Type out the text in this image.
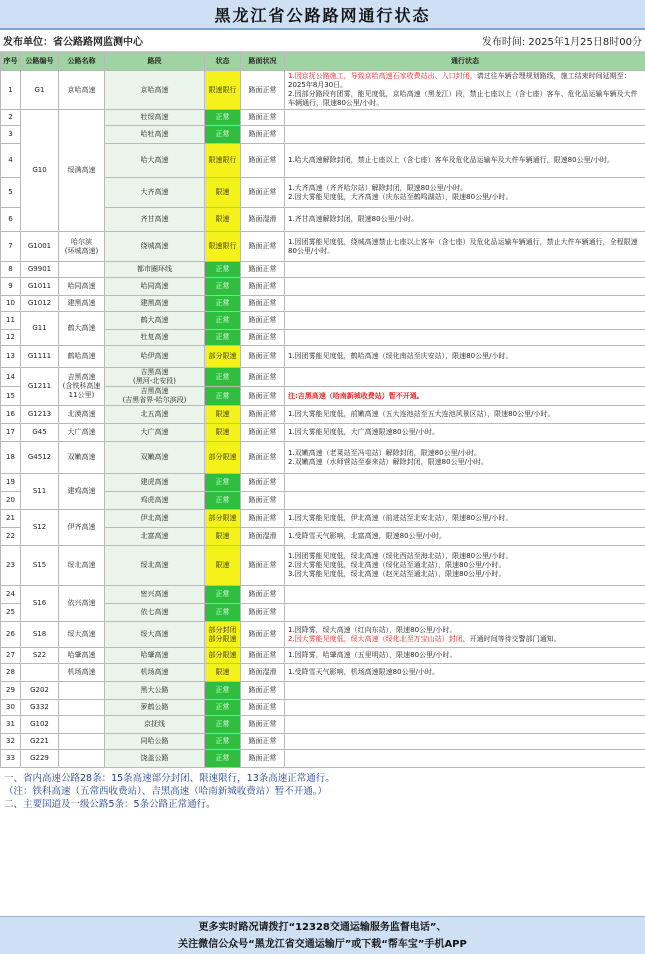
黑龙江省公路路网通行状态
发布单位：省公路路网监测中心	发布时间: 2025年1月25日8时00分
序号	公路编号	公路名称	路段	状态	路面状况	通行状态
1	G1	京哈高速	京哈高速	限速限行	路面正常	1.因京抚公路施工，导致京哈高速石家收费站出、入口封闭，请过往车辆合理规划路线，施工结束时间延期至：2025年8月30日。
2.因部分路段有团雾，能见度低，京哈高速（黑龙江）段，禁止七座以上（含七座）客车、危化品运输车辆及大件车辆通行，限速80公里/小时。
2	G10	绥满高速	牡绥高速	正常	路面正常	
3			哈牡高速	正常	路面正常	
4			哈大高速	限速限行	路面正常	1.哈大高速解除封闭，禁止七座以上（含七座）客车及危化品运输车及大件车辆通行，限速80公里/小时。
5			大齐高速	限速	路面正常	1.大齐高速（齐齐哈尔站）解除封闭，限速80公里/小时。
2.因大雾能见度低，大齐高速（庆东站至鹤鸣湖站），限速80公里/小时。
6			齐甘高速	限速	路面湿滑	1.齐甘高速解除封闭，限速80公里/小时。
7	G1001	哈尔滨
(环城高速)	绕城高速	限速限行	路面正常	1.因团雾能见度低，绕城高速禁止七座以上客车（含七座）及危化品运输车辆通行，禁止大件车辆通行，全程限速80公里/小时。
8	G9901		都市圈环线	正常	路面正常	
9	G1011	哈同高速	哈同高速	正常	路面正常	
10	G1012	建黑高速	建黑高速	正常	路面正常	
11	G11	鹤大高速	鹤大高速	正常	路面正常	
12			牡复高速	正常	路面正常	
13	G1111	鹤哈高速	哈伊高速	部分限速	路面正常	1.因团雾能见度低，鹤哈高速（绥化南站至庆安站），限速80公里/小时。
14	G1211	吉黑高速
(含铁科高速
11公里)	吉黑高速
(黑河-北安段)	正常	路面正常	
15			吉黑高速
(吉黑省界-哈尔滨段)	正常	路面正常	注:吉黑高速（哈南新城收费站）暂不开通。
16	G1213	北漠高速	北五高速	限速	路面正常	1.因大雾能见度低，前嫩高速（五大连池站至五大连池风景区站），限速80公里/小时。
17	G45	大广高速	大广高速	限速	路面正常	1.因大雾能见度低，大广高速限速80公里/小时。
18	G4512	双嫩高速	双嫩高速	部分限速	路面正常	1.双嫩高速（老莱站至冯屯站）解除封闭，限速80公里/小时。
2.双嫩高速（水师营站至泰来站）解除封闭，限速80公里/小时。
19	S11	建鸡高速	建虎高速	正常	路面正常	
20			鸡虎高速	正常	路面正常	
21	S12	伊齐高速	伊北高速	部分限速	路面正常	1.因大雾能见度低，伊北高速（前进站至北安北站），限速80公里/小时。
22			北富高速	限速	路面湿滑	1.受降雪天气影响，北富高速，限速80公里/小时。
23	S15	绥北高速	绥北高速	限速	路面正常	1.因团雾能见度低，绥北高速（绥化西站至海北站），限速80公里/小时。
2.因大雾能见度低，绥北高速（绥化站至通北站），限速80公里/小时。
3.因大雾能见度低，绥北高速（赵光站至通北站），限速80公里/小时。
24	S16	依兴高速	密兴高速	正常	路面正常	
25			依七高速	正常	路面正常	
26	S18	绥大高速	绥大高速	部分封闭
部分限速	路面正常	1.因降雾，绥大高速（红向东站），限速80公里/小时。
2.因大雾能见度低，绥大高速（绥化北至万宝山站）封闭，开通时间等待交警部门通知。
27	S22	哈肇高速	哈肇高速	部分限速	路面正常	1.因降雾，哈肇高速（五里明站），限速80公里/小时。
28		机场高速	机场高速	限速	路面湿滑	1.受降雪天气影响，机场高速限速80公里/小时。
29	G202		黑大公路	正常	路面正常	
30	G332		萝鹤公路	正常	路面正常	
31	G102		京抚线	正常	路面正常	
32	G221		同哈公路	正常	路面正常	
33	G229		饶盖公路	正常	路面正常	
一、省内高速公路28条：15条高速部分封闭、限速限行，13条高速正常通行。
（注：铁科高速（五常西收费站）、吉黑高速（哈南新城收费站）暂不开通。）
二、主要国道及一级公路5条：5条公路正常通行。
更多实时路况请拨打“12328交通运输服务监督电话”、
关注微信公众号“黑龙江省交通运输厅”或下载“帮车宝”手机APP
